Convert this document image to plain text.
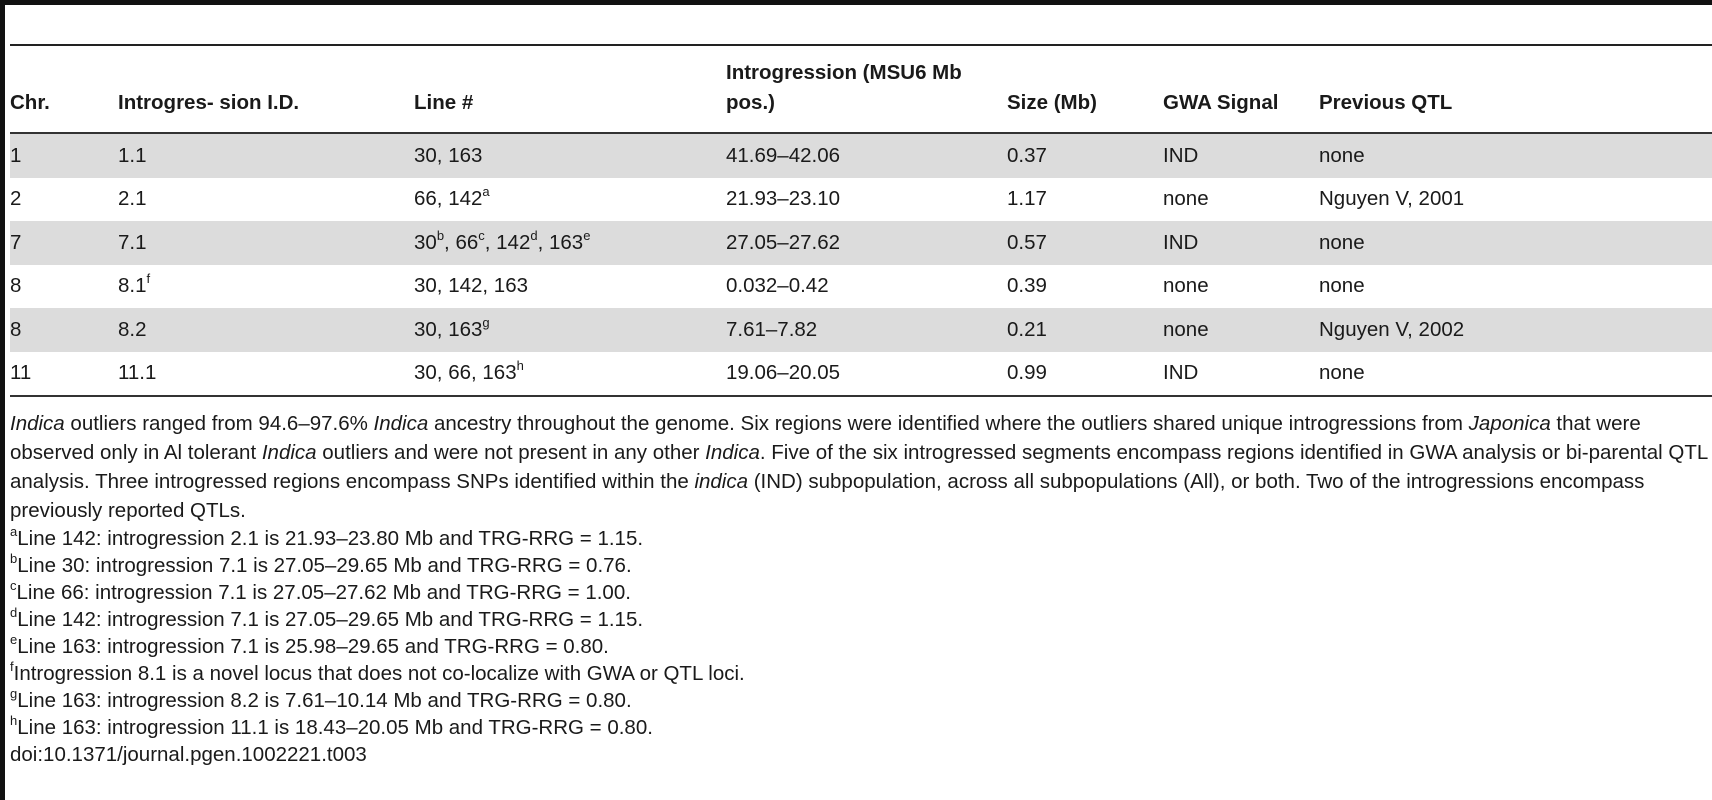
Chr.	Introgres- sion I.D.	Line #	Introgression (MSU6 Mb pos.)	Size (Mb)	GWA Signal	Previous QTL
1	1.1	30, 163	41.69–42.06	0.37	IND	none
2	2.1	66, 142$^a$	21.93–23.10	1.17	none	Nguyen V, 2001
7	7.1	30$^b$, 66$^c$, 142$^d$, 163e	27.05–27.62	0.57	IND	none
8	8.1$^f$	30, 142, 163	0.032–0.42	0.39	none	none
8	8.2	30, 163$^g$	7.61–7.82	0.21	none	Nguyen V, 2002
11	11.1	30, 66, 163$^h$	19.06–20.05	0.99	IND	none

Indica outliers ranged from 94.6–97.6% Indica ancestry throughout the genome. Six regions were identified where the outliers shared unique introgressions from Japonica that were observed only in Al tolerant Indica outliers and were not present in any other Indica. Five of the six introgressed segments encompass regions identified in GWA analysis or bi-parental QTL analysis. Three introgressed regions encompass SNPs identified within the indica (IND) subpopulation, across all subpopulations (All), or both. Two of the introgressions encompass previously reported QTLs.

$^a$Line 142: introgression 2.1 is 21.93–23.80 Mb and TRG-RRG = 1.15.
$^b$Line 30: introgression 7.1 is 27.05–29.65 Mb and TRG-RRG = 0.76.
$^c$Line 66: introgression 7.1 is 27.05–27.62 Mb and TRG-RRG = 1.00.
$^d$Line 142: introgression 7.1 is 27.05–29.65 Mb and TRG-RRG = 1.15.
$^e$Line 163: introgression 7.1 is 25.98–29.65 and TRG-RRG = 0.80.
$^f$Introgression 8.1 is a novel locus that does not co-localize with GWA or QTL loci.
$^g$Line 163: introgression 8.2 is 7.61–10.14 Mb and TRG-RRG = 0.80.
$^h$Line 163: introgression 11.1 is 18.43–20.05 Mb and TRG-RRG = 0.80.
doi:10.1371/journal.pgen.1002221.t003
